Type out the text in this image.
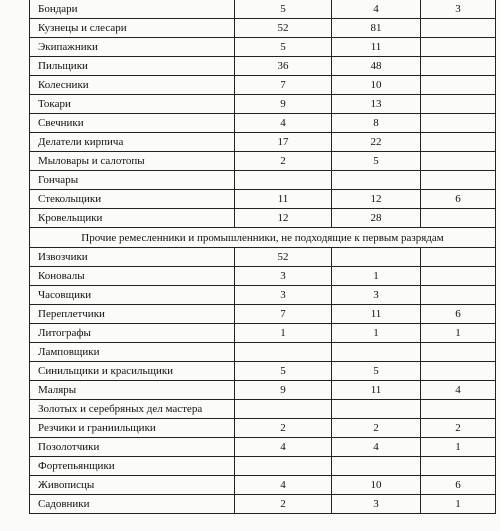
Бондари	5	4	3
Кузнецы и слесари	52	81	
Экипажники	5	11	
Пильщики	36	48	
Колесники	7	10	
Токари	9	13	
Свечники	4	8	
Делатели кирпича	17	22	
Мыловары и салотопы	2	5	
Гончары			
Стекольщики	11	12	6
Кровельщики	12	28	
Прочие ремесленники и промышленники, не подходящие к первым разрядам			
Извозчики	52		
Коновалы	3	1	
Часовщики	3	3	
Переплетчики	7	11	6
Литографы	1	1	1
Ламповщики			
Синильщики и красильщики	5	5	
Маляры	9	11	4
Золотых и серебряных дел мастера			
Резчики и граниильщики	2	2	2
Позолотчики	4	4	1
Фортепьянщики			
Живописцы	4	10	6
Садовники	2	3	1
